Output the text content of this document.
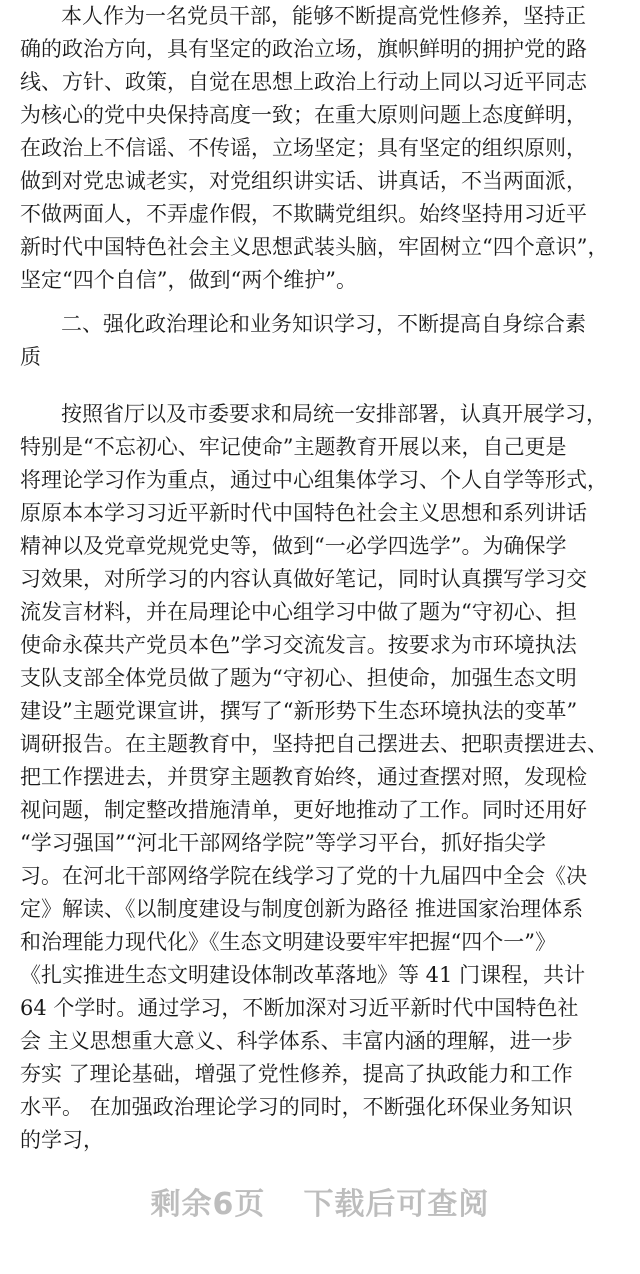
本人作为一名党员干部，能够不断提高党性修养，坚持正
确的政治方向，具有坚定的政治立场，旗帜鲜明的拥护党的路
线、方针、政策，自觉在思想上政治上行动上同以习近平同志
为核心的党中央保持高度一致；在重大原则问题上态度鲜明，
在政治上不信谣、不传谣，立场坚定；具有坚定的组织原则，
做到对党忠诚老实，对党组织讲实话、讲真话，不当两面派，
不做两面人，不弄虚作假，不欺瞒党组织。始终坚持用习近平
新时代中国特色社会主义思想武装头脑，牢固树立“四个意识”，
坚定“四个自信”，做到“两个维护”。
二、强化政治理论和业务知识学习，不断提高自身综合素
质
按照省厅以及市委要求和局统一安排部署，认真开展学习，
特别是“不忘初心、牢记使命”主题教育开展以来，自己更是
将理论学习作为重点，通过中心组集体学习、个人自学等形式，
原原本本学习习近平新时代中国特色社会主义思想和系列讲话
精神以及党章党规党史等，做到“一必学四选学”。为确保学
习效果，对所学习的内容认真做好笔记，同时认真撰写学习交
流发言材料，并在局理论中心组学习中做了题为“守初心、担
使命永葆共产党员本色”学习交流发言。按要求为市环境执法
支队支部全体党员做了题为“守初心、担使命，加强生态文明
建设”主题党课宣讲，撰写了“新形势下生态环境执法的变革”
调研报告。在主题教育中，坚持把自己摆进去、把职责摆进去、
把工作摆进去，并贯穿主题教育始终，通过查摆对照，发现检
视问题，制定整改措施清单，更好地推动了工作。同时还用好
“学习强国”“河北干部网络学院”等学习平台，抓好指尖学
习。在河北干部网络学院在线学习了党的十九届四中全会《决
定》解读、《以制度建设与制度创新为路径 推进国家治理体系
和治理能力现代化》《生态文明建设要牢牢把握“四个一”》
《扎实推进生态文明建设体制改革落地》等 41 门课程，共计
64 个学时。通过学习，不断加深对习近平新时代中国特色社
会 主义思想重大意义、科学体系、丰富内涵的理解，进一步
夯实 了理论基础，增强了党性修养，提高了执政能力和工作
水平。 在加强政治理论学习的同时，不断强化环保业务知识
的学习，
剩余6页 下载后可查阅
